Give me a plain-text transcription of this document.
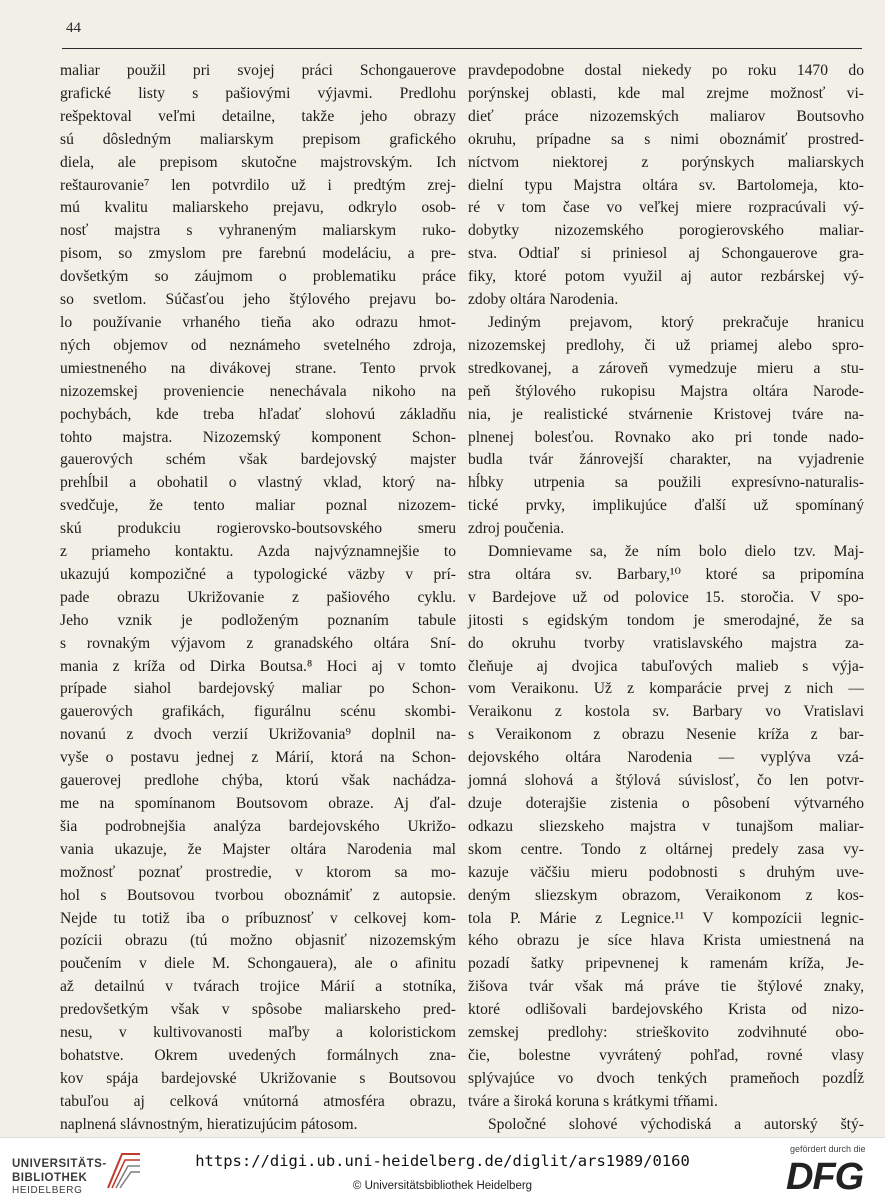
44
maliar použil pri svojej práci Schongauerove
grafické listy s pašiovými výjavmi. Predlohu
rešpektoval veľmi detailne, takže jeho obrazy
sú dôsledným maliarskym prepisom grafického
diela, ale prepisom skutočne majstrovským. Ich
reštaurovanie⁷ len potvrdilo už i predtým zrej-
mú kvalitu maliarskeho prejavu, odkrylo osob-
nosť majstra s vyhraneným maliarskym ruko-
pisom, so zmyslom pre farebnú modeláciu, a pre-
dovšetkým so záujmom o problematiku práce
so svetlom. Súčasťou jeho štýlového prejavu bo-
lo používanie vrhaného tieňa ako odrazu hmot-
ných objemov od neznámeho svetelného zdroja,
umiestneného na divákovej strane. Tento prvok
nizozemskej proveniencie nenechávala nikoho na
pochybách, kde treba hľadať slohovú základňu
tohto majstra. Nizozemský komponent Schon-
gauerových schém však bardejovský majster
prehĺbil a obohatil o vlastný vklad, ktorý na-
svedčuje, že tento maliar poznal nizozem-
skú produkciu rogierovsko-boutsovského smeru
z priameho kontaktu. Azda najvýznamnejšie to
ukazujú kompozičné a typologické väzby v prí-
pade obrazu Ukrižovanie z pašiového cyklu.
Jeho vznik je podloženým poznaním tabule
s rovnakým výjavom z granadského oltára Sní-
mania z kríža od Dirka Boutsa.⁸ Hoci aj v tomto
prípade siahol bardejovský maliar po Schon-
gauerových grafikách, figurálnu scénu skombi-
novanú z dvoch verzií Ukrižovania⁹ doplnil na-
vyše o postavu jednej z Márií, ktorá na Schon-
gauerovej predlohe chýba, ktorú však nachádza-
me na spomínanom Boutsovom obraze. Aj ďal-
šia podrobnejšia analýza bardejovského Ukrižo-
vania ukazuje, že Majster oltára Narodenia mal
možnosť poznať prostredie, v ktorom sa mo-
hol s Boutsovou tvorbou oboznámiť z autopsie.
Nejde tu totiž iba o príbuznosť v celkovej kom-
pozícii obrazu (tú možno objasniť nizozemským
poučením v diele M. Schongauera), ale o afinitu
až detailnú v tvárach trojice Márií a stotníka,
predovšetkým však v spôsobe maliarskeho pred-
nesu, v kultivovanosti maľby a koloristickom
bohatstve. Okrem uvedených formálnych zna-
kov spája bardejovské Ukrižovanie s Boutsovou
tabuľou aj celková vnútorná atmosféra obrazu,
naplnená slávnostným, hieratizujúcim pátosom.
pravdepodobne dostal niekedy po roku 1470 do
porýnskej oblasti, kde mal zrejme možnosť vi-
dieť práce nizozemských maliarov Boutsovho
okruhu, prípadne sa s nimi oboznámiť prostred-
níctvom niektorej z porýnskych maliarskych
dielní typu Majstra oltára sv. Bartolomeja, kto-
ré v tom čase vo veľkej miere rozpracúvali vý-
dobytky nizozemského porogierovského maliar-
stva. Odtiaľ si priniesol aj Schongauerove gra-
fiky, ktoré potom využil aj autor rezbárskej vý-
zdoby oltára Narodenia.
Jediným prejavom, ktorý prekračuje hranicu
nizozemskej predlohy, či už priamej alebo spro-
stredkovanej, a zároveň vymedzuje mieru a stu-
peň štýlového rukopisu Majstra oltára Narode-
nia, je realistické stvárnenie Kristovej tváre na-
plnenej bolesťou. Rovnako ako pri tonde nado-
budla tvár žánrovejší charakter, na vyjadrenie
hĺbky utrpenia sa použili expresívno-naturalis-
tické prvky, implikujúce ďalší už spomínaný
zdroj poučenia.
Domnievame sa, že ním bolo dielo tzv. Maj-
stra oltára sv. Barbary,¹⁰ ktoré sa pripomína
v Bardejove už od polovice 15. storočia. V spo-
jitosti s egidským tondom je smerodajné, že sa
do okruhu tvorby vratislavského majstra za-
čleňuje aj dvojica tabuľových malieb s výja-
vom Veraikonu. Už z komparácie prvej z nich —
Veraikonu z kostola sv. Barbary vo Vratislavi
s Veraikonom z obrazu Nesenie kríža z bar-
dejovského oltára Narodenia — vyplýva vzá-
jomná slohová a štýlová súvislosť, čo len potvr-
dzuje doterajšie zistenia o pôsobení výtvarného
odkazu sliezskeho majstra v tunajšom maliar-
skom centre. Tondo z oltárnej predely zasa vy-
kazuje väčšiu mieru podobnosti s druhým uve-
deným sliezskym obrazom, Veraikonom z kos-
tola P. Márie z Legnice.¹¹ V kompozícii legnic-
kého obrazu je síce hlava Krista umiestnená na
pozadí šatky pripevnenej k ramenám kríža, Je-
žišova tvár však má práve tie štýlové znaky,
ktoré odlišovali bardejovského Krista od nizo-
zemskej predlohy: strieškovito zodvihnuté obo-
čie, bolestne vyvrátený pohľad, rovné vlasy
splývajúce vo dvoch tenkých prameňoch pozdĺž
tváre a široká koruna s krátkymi tŕňami.
Spoločné slohové východiská a autorský štý-
UNIVERSITÄTS-
BIBLIOTHEK
HEIDELBERG
https://digi.ub.uni-heidelberg.de/diglit/ars1989/0160
© Universitätsbibliothek Heidelberg
gefördert durch die
DFG
